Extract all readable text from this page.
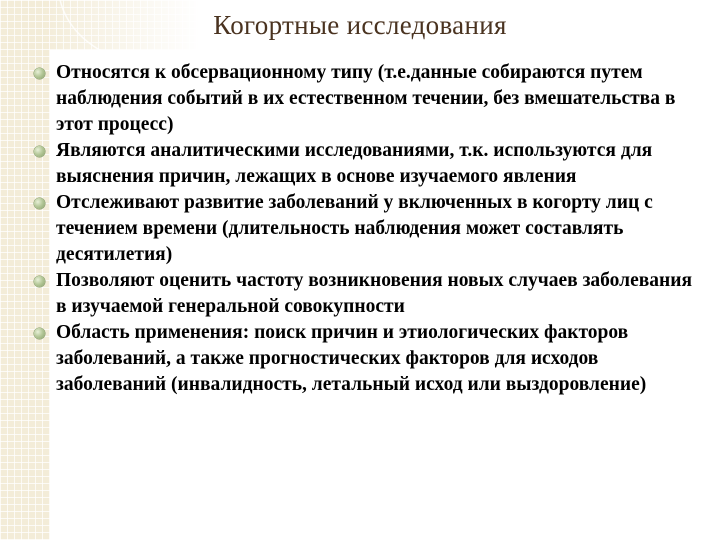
Когортные исследования
Относятся к обсервационному типу (т.е.данные собираются путем наблюдения событий в их естественном течении, без вмешательства в этот процесс)
Являются аналитическими исследованиями, т.к. используются для выяснения причин, лежащих в основе изучаемого явления
Отслеживают развитие заболеваний у включенных в когорту лиц с течением времени (длительность наблюдения может составлять десятилетия)
Позволяют оценить частоту возникновения новых случаев заболевания в изучаемой генеральной совокупности
Область применения: поиск причин и этиологических факторов заболеваний, а также прогностических факторов для исходов заболеваний (инвалидность, летальный исход или выздоровление)
